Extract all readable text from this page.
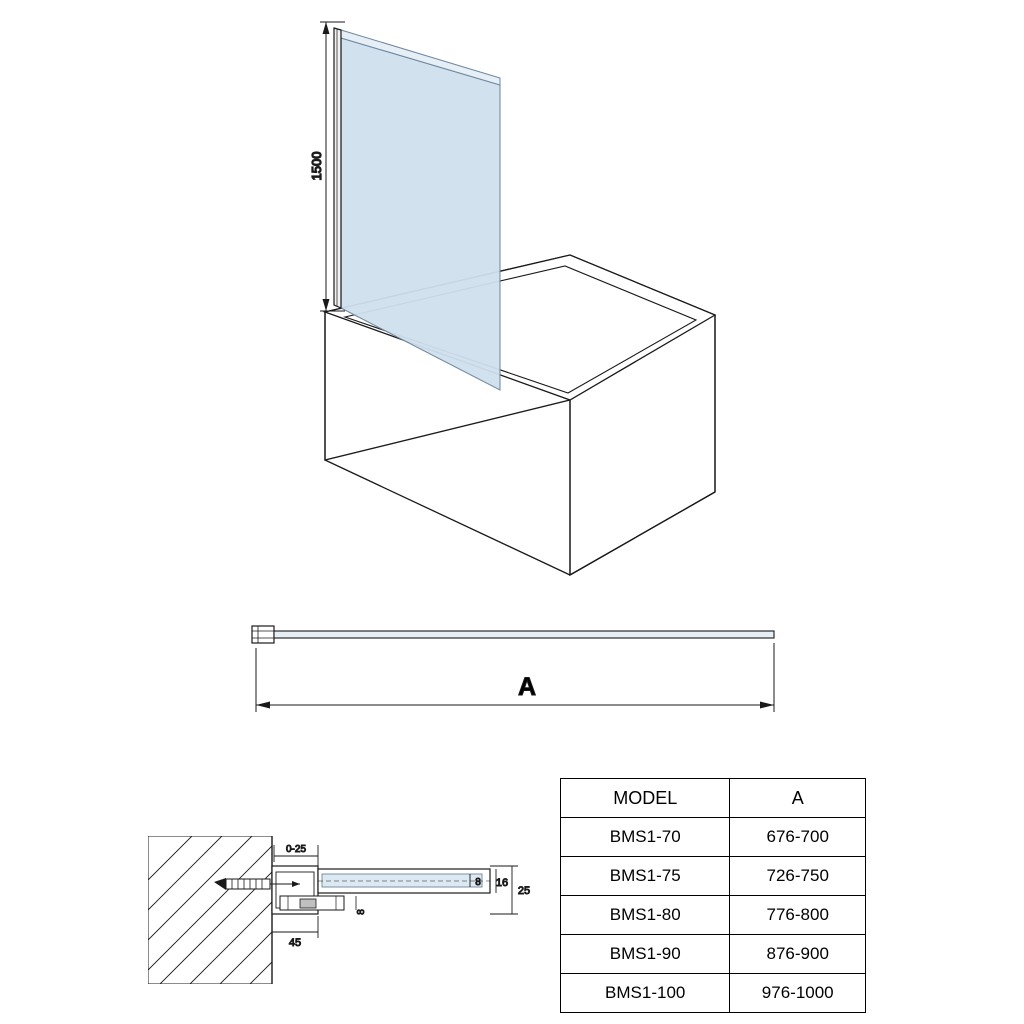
1500
A
0-25
45
8 16
25
8
MODEL	A
BMS1-70	676-700
BMS1-75	726-750
BMS1-80	776-800
BMS1-90	876-900
BMS1-100	976-1000
